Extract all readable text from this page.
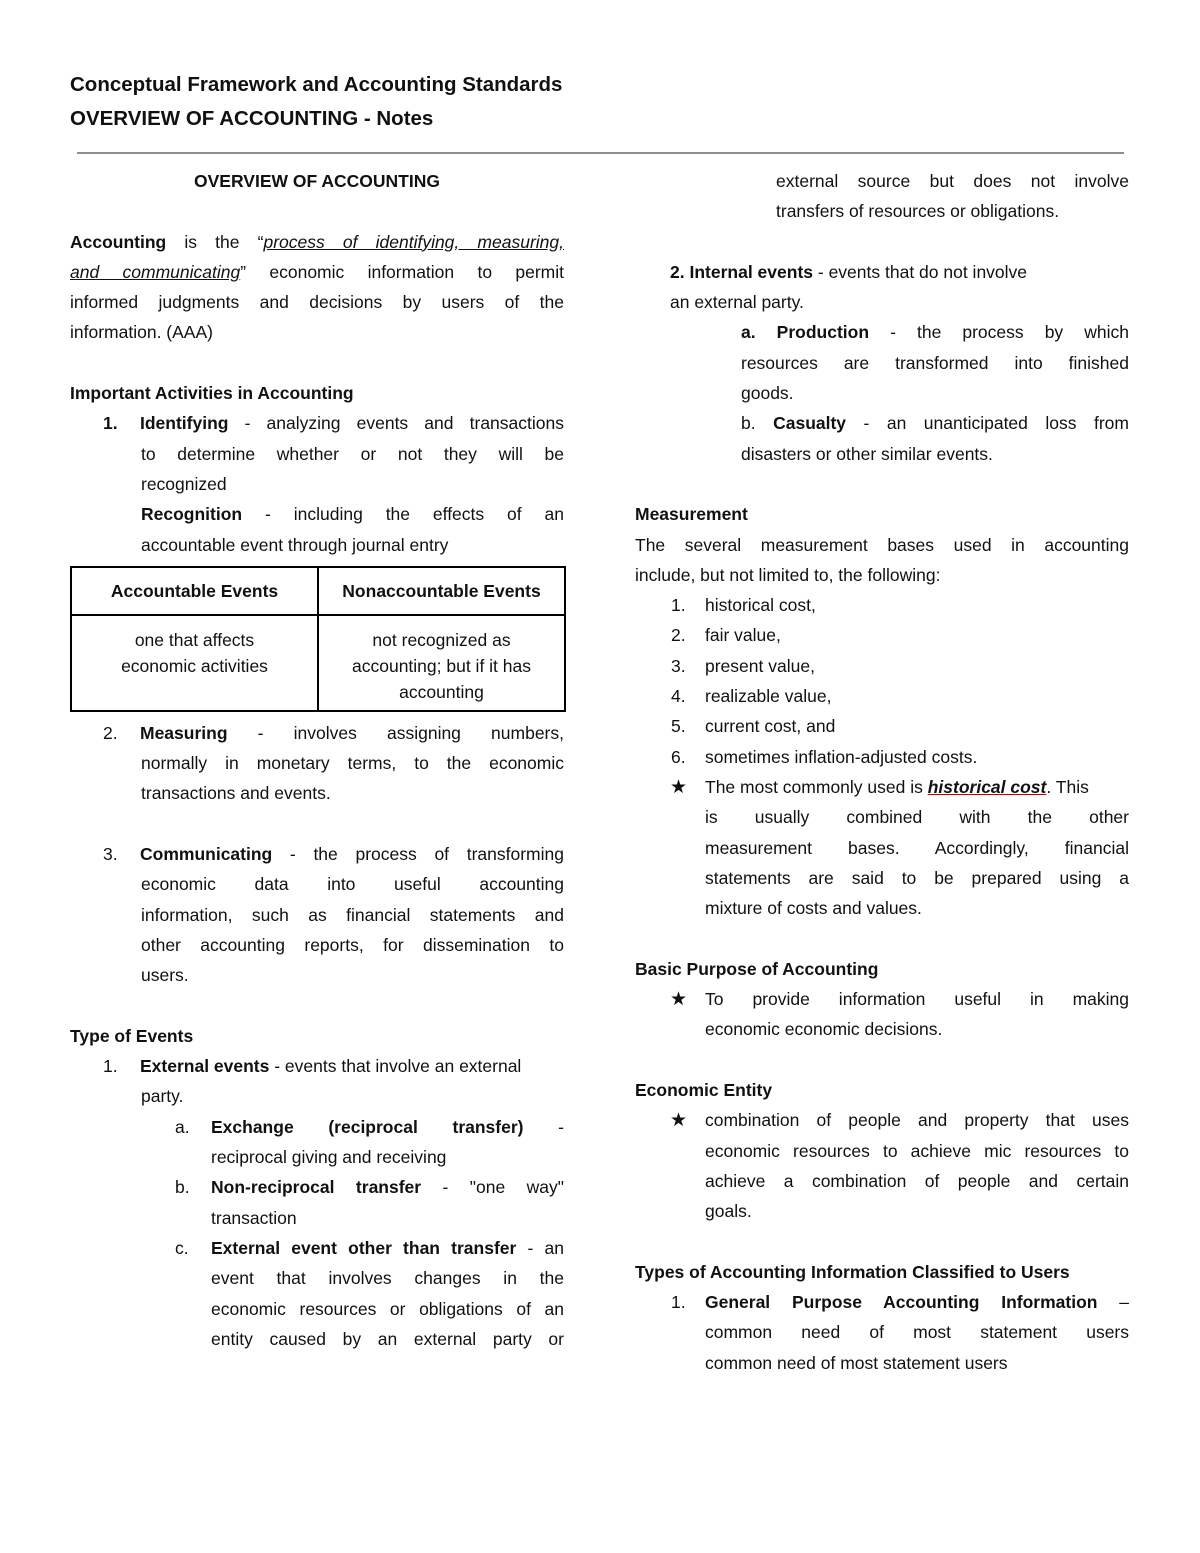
Conceptual Framework and Accounting Standards
OVERVIEW OF ACCOUNTING - Notes
OVERVIEW OF ACCOUNTING
Accounting is the “process of identifying, measuring,
and communicating” economic information to permit
informed judgments and decisions by users of the
information. (AAA)
Important Activities in Accounting
1. Identifying - analyzing events and transactions
to determine whether or not they will be
recognized
Recognition - including the effects of an
accountable event through journal entry
Accountable Events	Nonaccountable Events
one that affects economic activities	not recognized as accounting; but if it has accounting
2. Measuring - involves assigning numbers,
normally in monetary terms, to the economic
transactions and events.
3. Communicating - the process of transforming
economic data into useful accounting
information, such as financial statements and
other accounting reports, for dissemination to
users.
Type of Events
1. External events - events that involve an external
party.
a. Exchange (reciprocal transfer) -
reciprocal giving and receiving
b. Non-reciprocal transfer - "one way"
transaction
c. External event other than transfer - an
event that involves changes in the
economic resources or obligations of an
entity caused by an external party or
external source but does not involve
transfers of resources or obligations.
2. Internal events - events that do not involve
an external party.
a. Production - the process by which
resources are transformed into finished
goods.
b. Casualty - an unanticipated loss from
disasters or other similar events.
Measurement
The several measurement bases used in accounting
include, but not limited to, the following:
1. historical cost,
2. fair value,
3. present value,
4. realizable value,
5. current cost, and
6. sometimes inflation-adjusted costs.
★ The most commonly used is historical cost. This
is usually combined with the other
measurement bases. Accordingly, financial
statements are said to be prepared using a
mixture of costs and values.
Basic Purpose of Accounting
★ To provide information useful in making
economic economic decisions.
Economic Entity
★ combination of people and property that uses
economic resources to achieve mic resources to
achieve a combination of people and certain
goals.
Types of Accounting Information Classified to Users
1. General Purpose Accounting Information –
common need of most statement users
common need of most statement users
